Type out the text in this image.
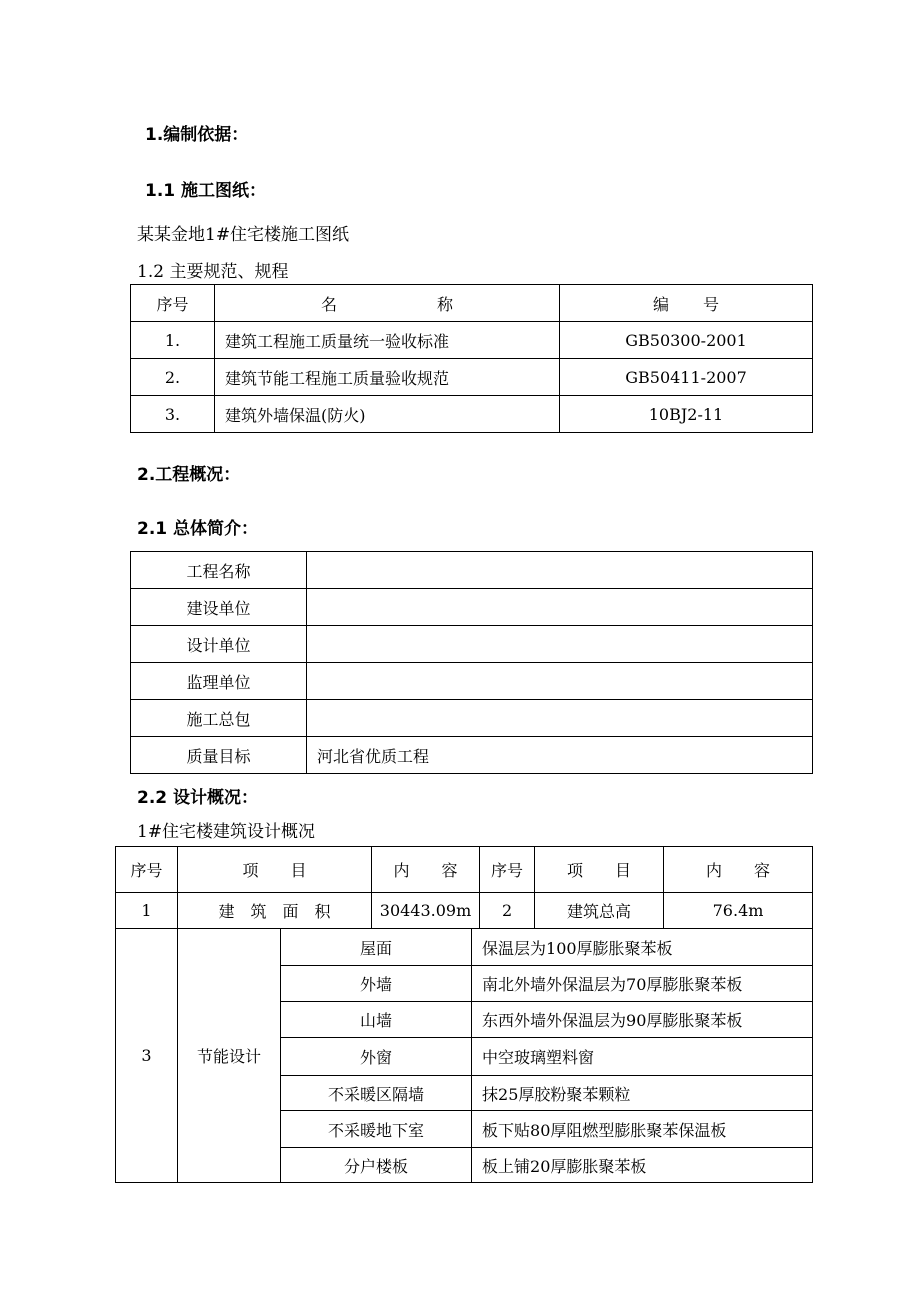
1.编制依据：
1.1 施工图纸：
某某金地1#住宅楼施工图纸
1.2 主要规范、规程
序号	名 称	编 号
1.	建筑工程施工质量统一验收标准	GB50300-2001
2.	建筑节能工程施工质量验收规范	GB50411-2007
3.	建筑外墙保温(防火)	10BJ2-11
2.工程概况：
2.1 总体简介：
工程名称	
建设单位	
设计单位	
监理单位	
施工总包	
质量目标	河北省优质工程
2.2 设计概况：
1#住宅楼建筑设计概况
序号	项　　目		内　　容		序号	项　　目	内　　容
1	建　筑　面　积		30443.09m		2	建筑总高	76.4m
3	节能设计	屋面		保温层为100厚膨胀聚苯板			
		外墙		南北外墙外保温层为70厚膨胀聚苯板			
		山墙		东西外墙外保温层为90厚膨胀聚苯板			
		外窗		中空玻璃塑料窗			
		不采暖区隔墙		抹25厚胶粉聚苯颗粒			
		不采暖地下室		板下贴80厚阻燃型膨胀聚苯保温板			
		分户楼板		板上铺20厚膨胀聚苯板			
